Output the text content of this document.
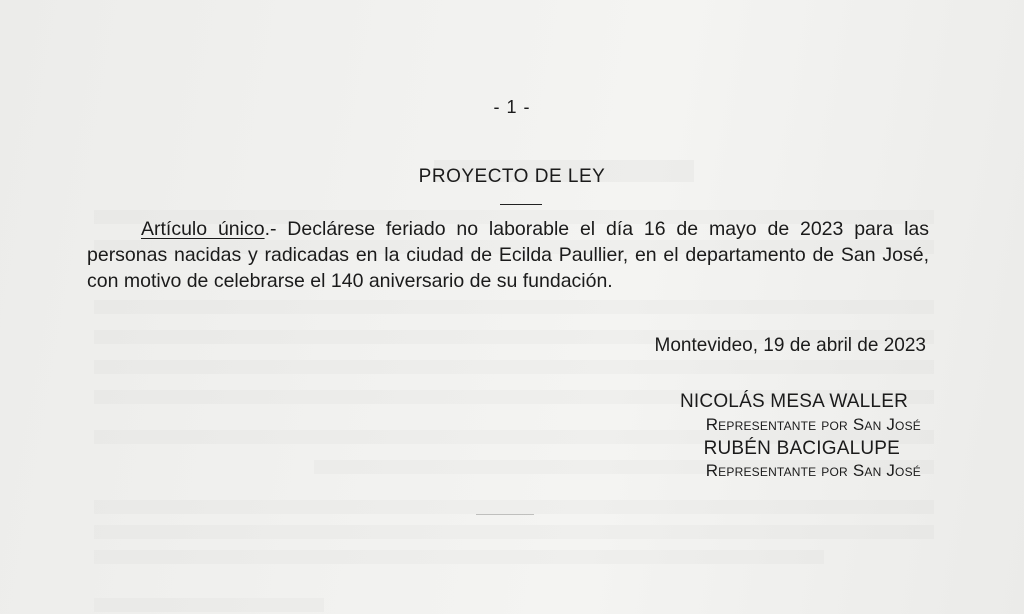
- 1 -
PROYECTO DE LEY
Artículo único.- Declárese feriado no laborable el día 16 de mayo de 2023 para las personas nacidas y radicadas en la ciudad de Ecilda Paullier, en el departamento de San José, con motivo de celebrarse el 140 aniversario de su fundación.
Montevideo, 19 de abril de 2023
NICOLÁS MESA WALLER
Representante por San José
RUBÉN BACIGALUPE
Representante por San José
